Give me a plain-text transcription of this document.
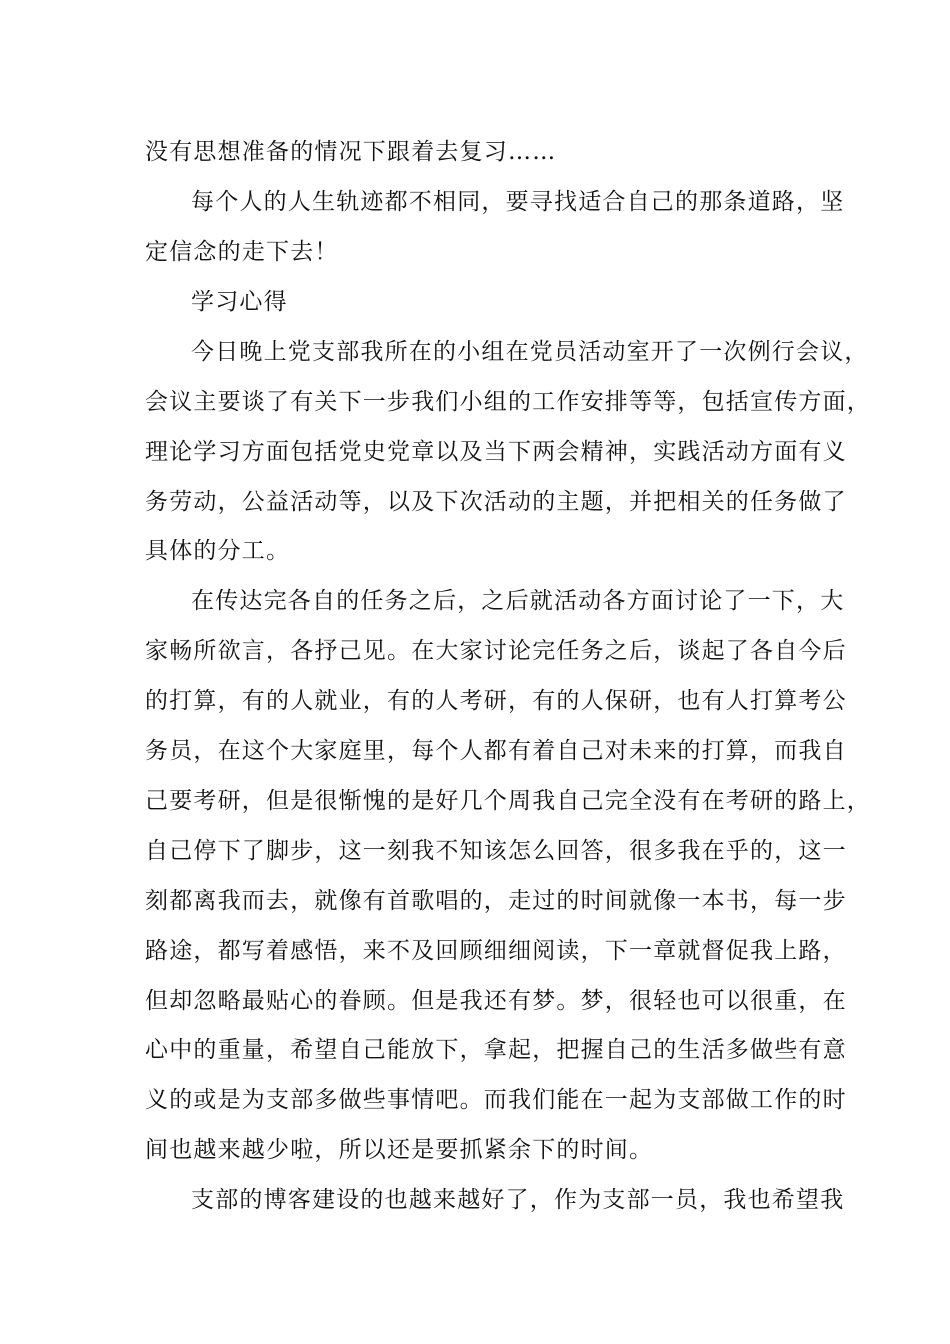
没有思想准备的情况下跟着去复习……
每个人的人生轨迹都不相同，要寻找适合自己的那条道路，坚
定信念的走下去！
学习心得
今日晚上党支部我所在的小组在党员活动室开了一次例行会议，
会议主要谈了有关下一步我们小组的工作安排等等，包括宣传方面，
理论学习方面包括党史党章以及当下两会精神，实践活动方面有义
务劳动，公益活动等，以及下次活动的主题，并把相关的任务做了
具体的分工。
在传达完各自的任务之后，之后就活动各方面讨论了一下，大
家畅所欲言，各抒己见。在大家讨论完任务之后，谈起了各自今后
的打算，有的人就业，有的人考研，有的人保研，也有人打算考公
务员，在这个大家庭里，每个人都有着自己对未来的打算，而我自
己要考研，但是很惭愧的是好几个周我自己完全没有在考研的路上，
自己停下了脚步，这一刻我不知该怎么回答，很多我在乎的，这一
刻都离我而去，就像有首歌唱的，走过的时间就像一本书，每一步
路途，都写着感悟，来不及回顾细细阅读，下一章就督促我上路，
但却忽略最贴心的眷顾。但是我还有梦。梦，很轻也可以很重，在
心中的重量，希望自己能放下，拿起，把握自己的生活多做些有意
义的或是为支部多做些事情吧。而我们能在一起为支部做工作的时
间也越来越少啦，所以还是要抓紧余下的时间。
支部的博客建设的也越来越好了，作为支部一员，我也希望我
